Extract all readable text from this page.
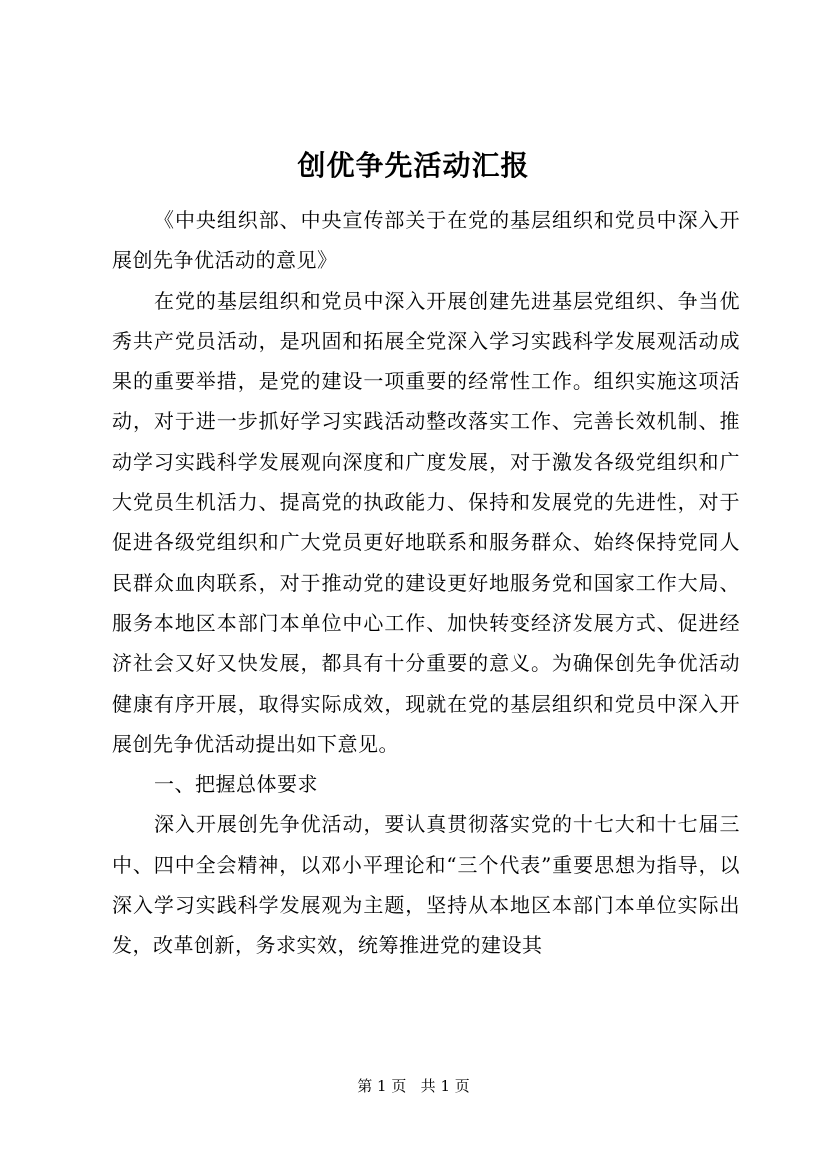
创优争先活动汇报

《中央组织部、中央宣传部关于在党的基层组织和党员中深入开展创先争优活动的意见》

在党的基层组织和党员中深入开展创建先进基层党组织、争当优秀共产党员活动，是巩固和拓展全党深入学习实践科学发展观活动成果的重要举措，是党的建设一项重要的经常性工作。组织实施这项活动，对于进一步抓好学习实践活动整改落实工作、完善长效机制、推动学习实践科学发展观向深度和广度发展，对于激发各级党组织和广大党员生机活力、提高党的执政能力、保持和发展党的先进性，对于促进各级党组织和广大党员更好地联系和服务群众、始终保持党同人民群众血肉联系，对于推动党的建设更好地服务党和国家工作大局、服务本地区本部门本单位中心工作、加快转变经济发展方式、促进经济社会又好又快发展，都具有十分重要的意义。为确保创先争优活动健康有序开展，取得实际成效，现就在党的基层组织和党员中深入开展创先争优活动提出如下意见。

一、把握总体要求

深入开展创先争优活动，要认真贯彻落实党的十七大和十七届三中、四中全会精神，以邓小平理论和“三个代表”重要思想为指导，以深入学习实践科学发展观为主题，坚持从本地区本部门本单位实际出发，改革创新，务求实效，统筹推进党的建设其

第 1 页 共 1 页
